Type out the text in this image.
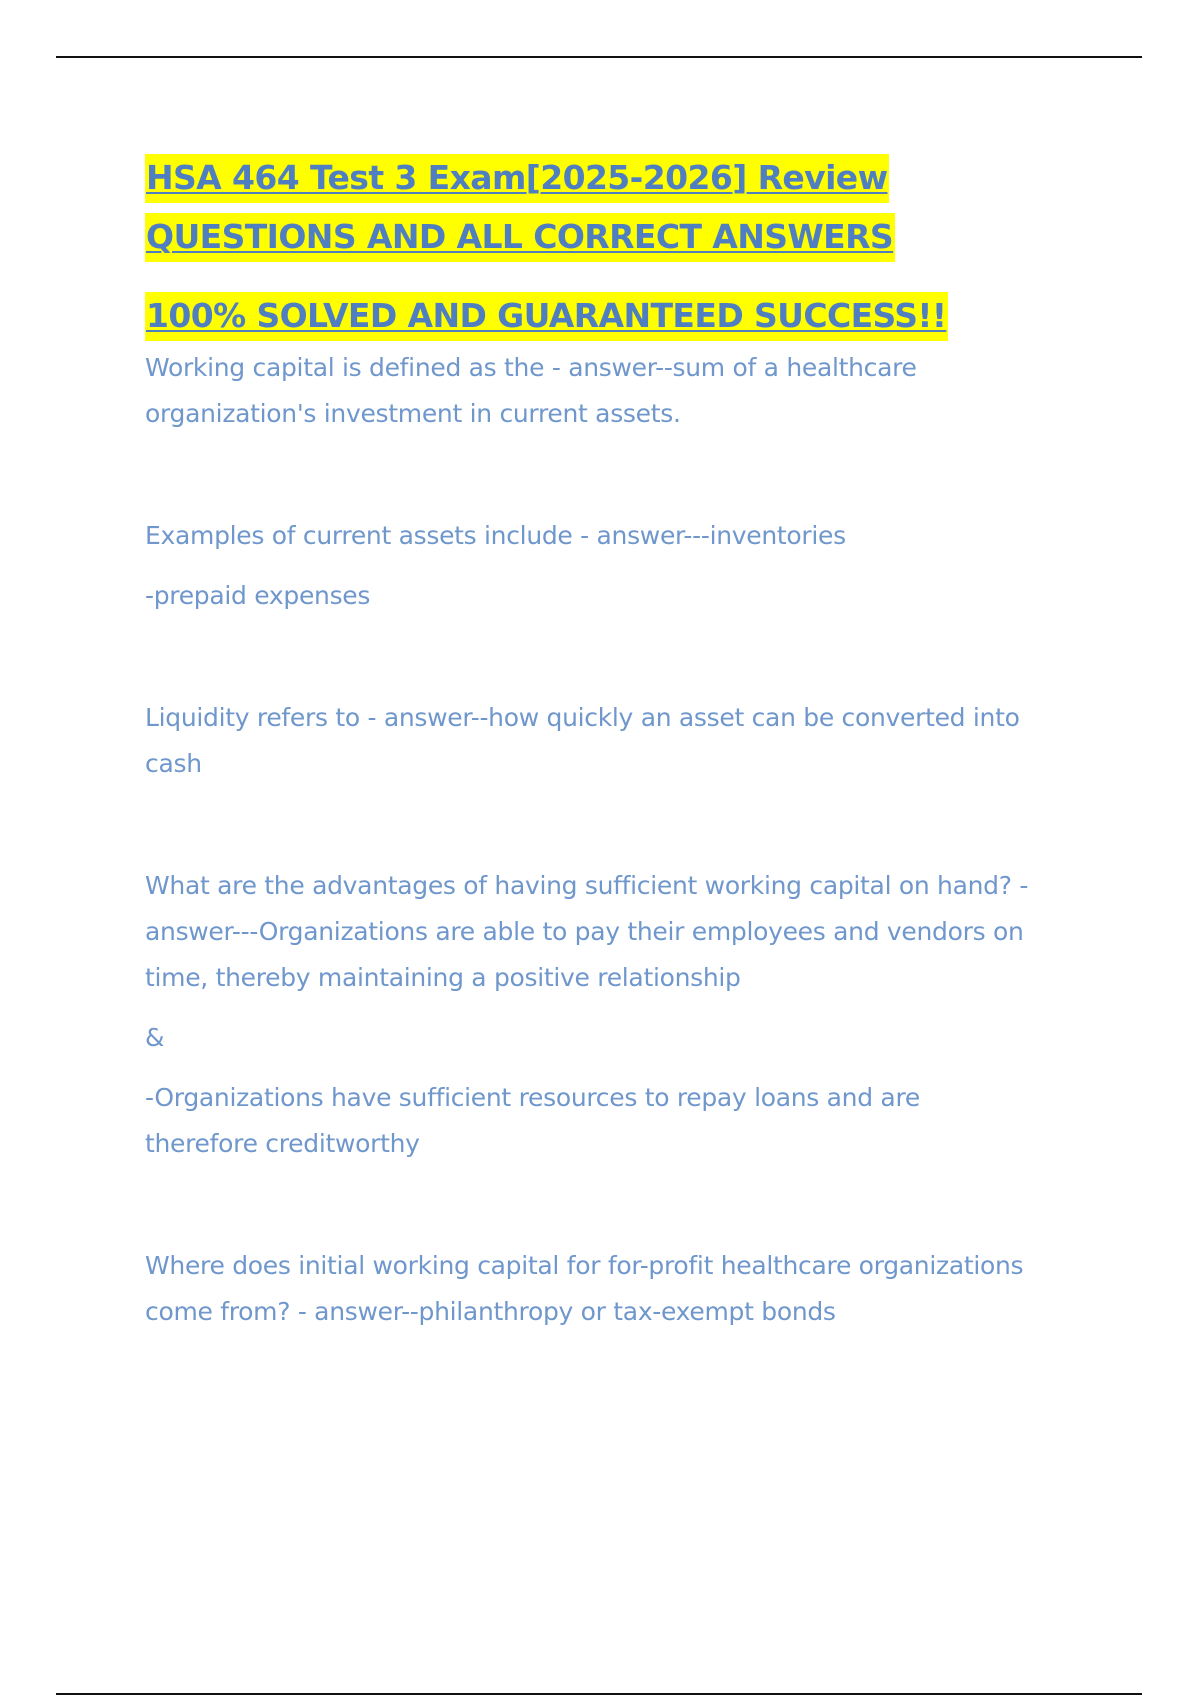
HSA 464 Test 3 Exam[2025-2026] Review
QUESTIONS AND ALL CORRECT ANSWERS
100% SOLVED AND GUARANTEED SUCCESS!!

Working capital is defined as the - answer--sum of a healthcare

organization's investment in current assets.

Examples of current assets include - answer---inventories

-prepaid expenses

Liquidity refers to - answer--how quickly an asset can be converted into

cash

What are the advantages of having sufficient working capital on hand? -

answer---Organizations are able to pay their employees and vendors on

time, thereby maintaining a positive relationship

&

-Organizations have sufficient resources to repay loans and are

therefore creditworthy

Where does initial working capital for for-profit healthcare organizations

come from? - answer--philanthropy or tax-exempt bonds
